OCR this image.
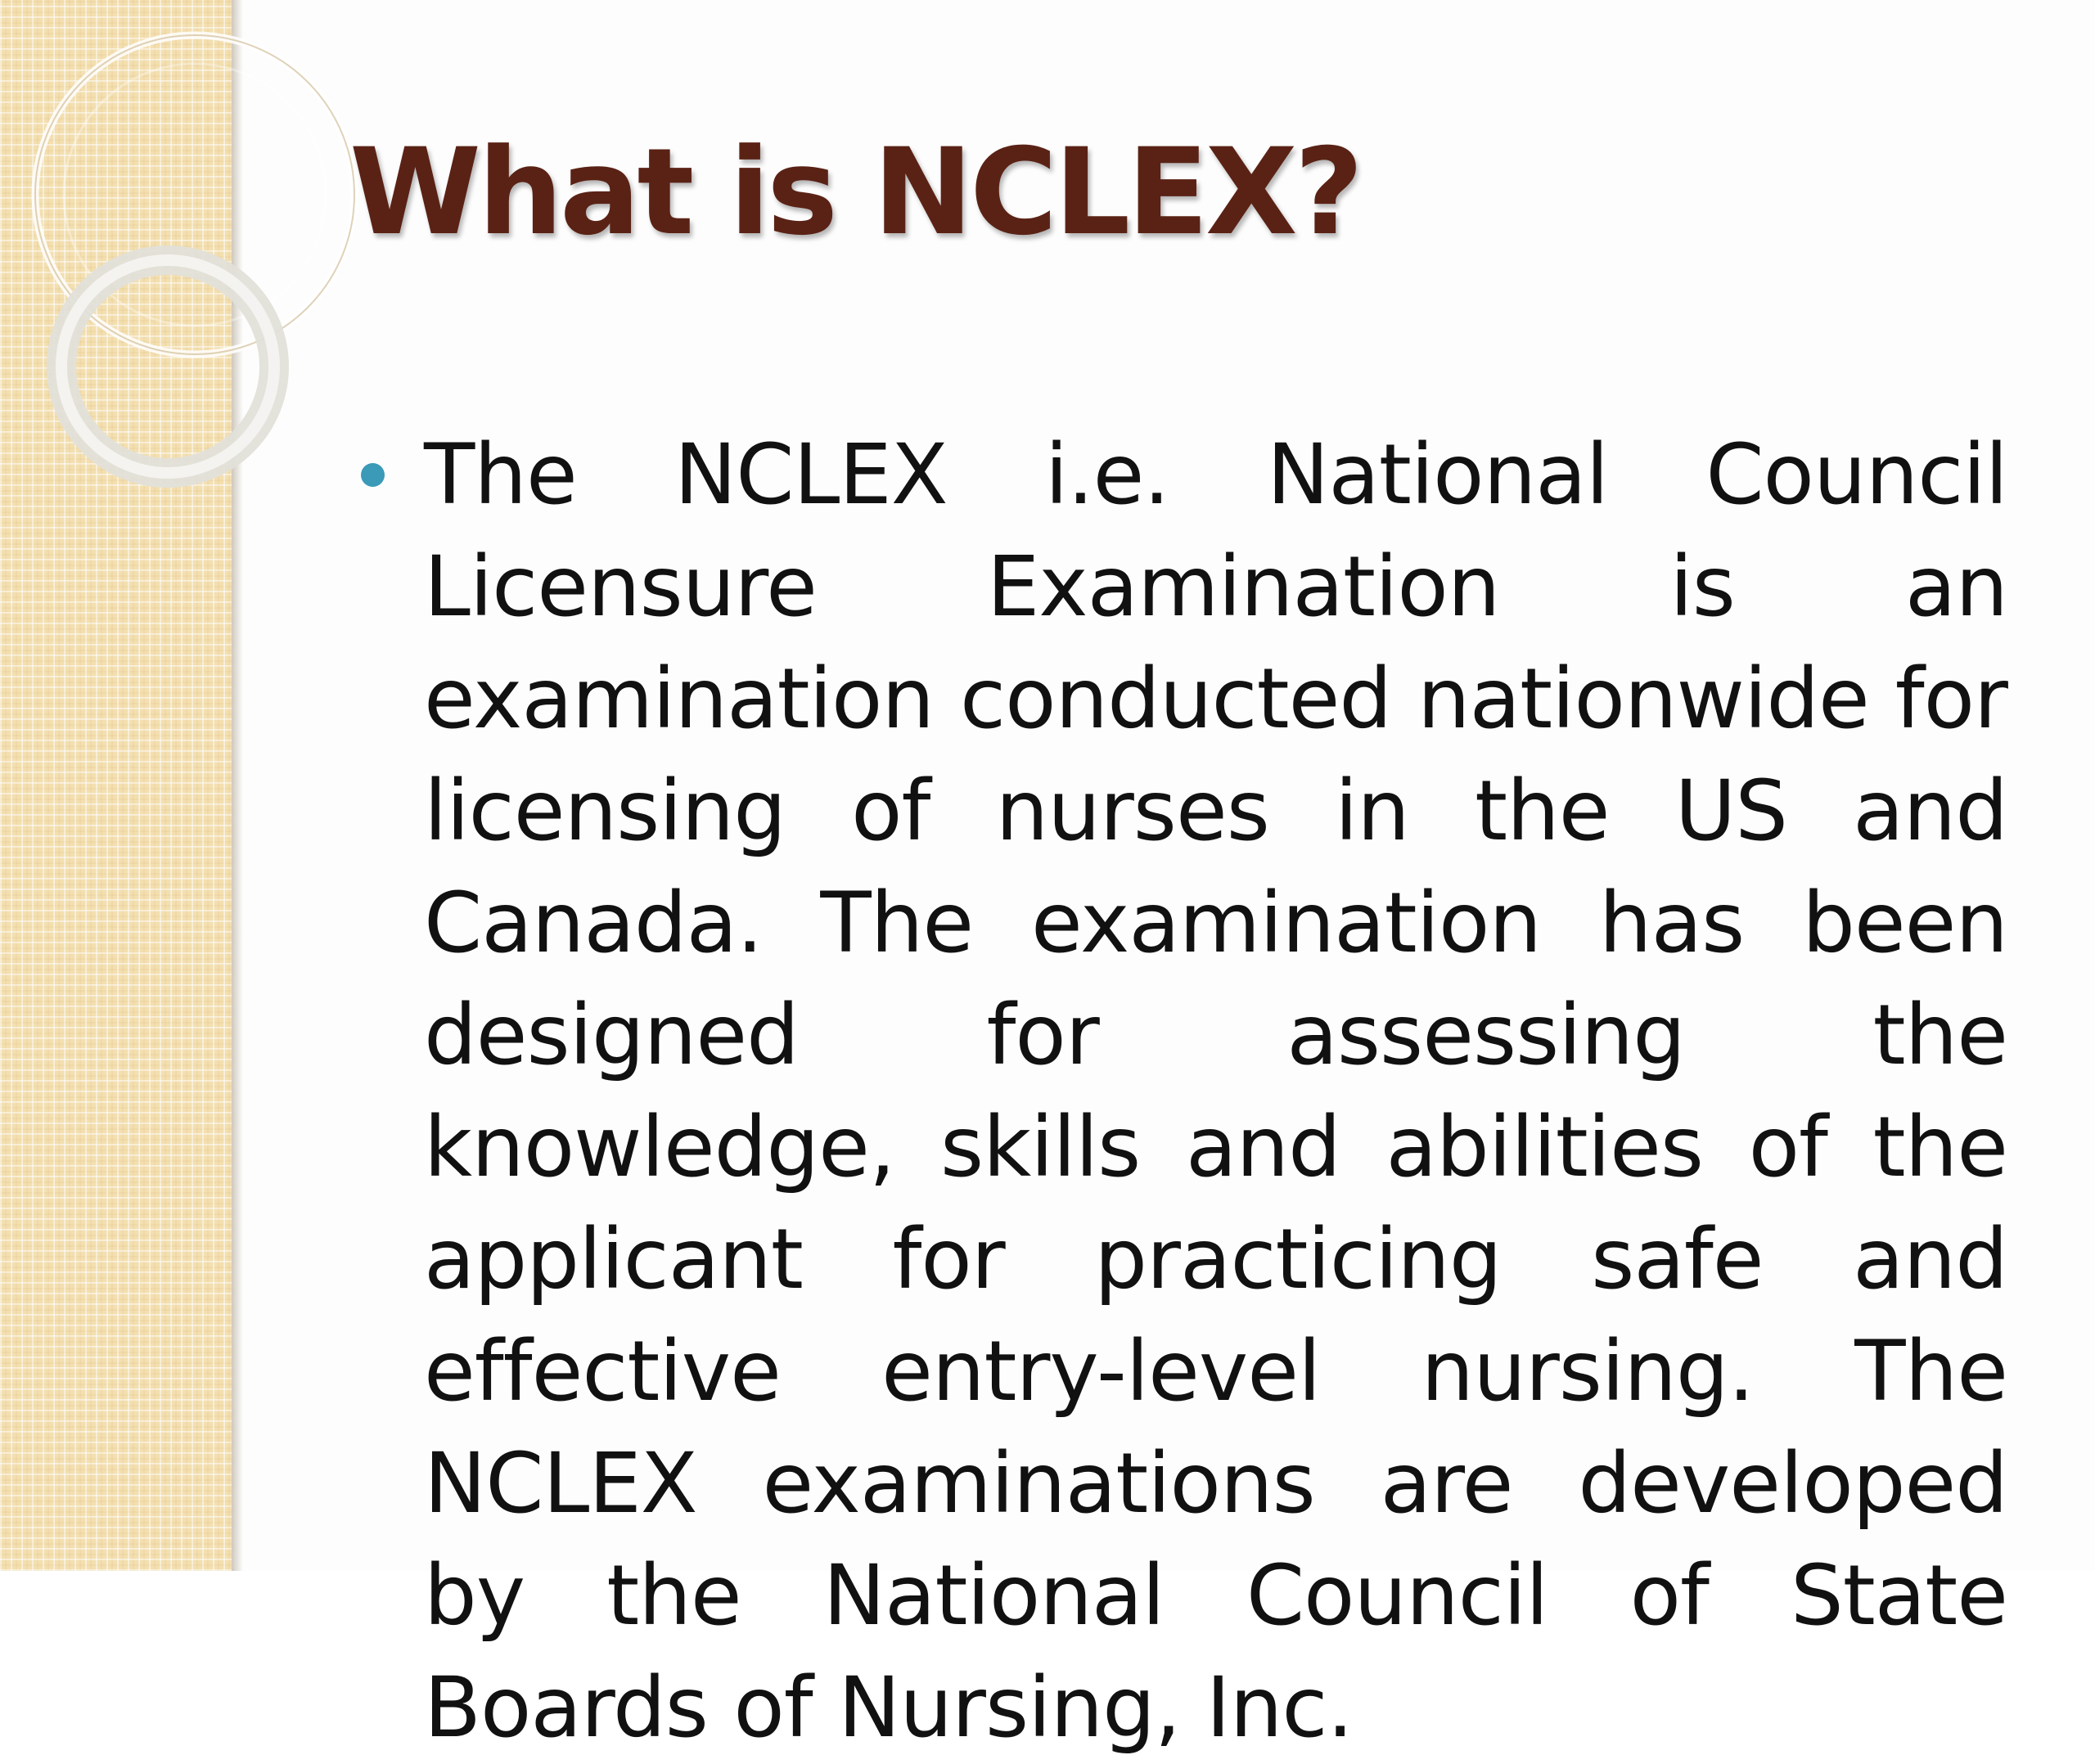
What is NCLEX?
The NCLEX i.e. National Council Licensure Examination is an examination conducted nationwide for licensing of nurses in the US and Canada. The examination has been designed for assessing the knowledge, skills and abilities of the applicant for practicing safe and effective entry-level nursing. The NCLEX examinations are developed by the National Council of State Boards of Nursing, Inc.
